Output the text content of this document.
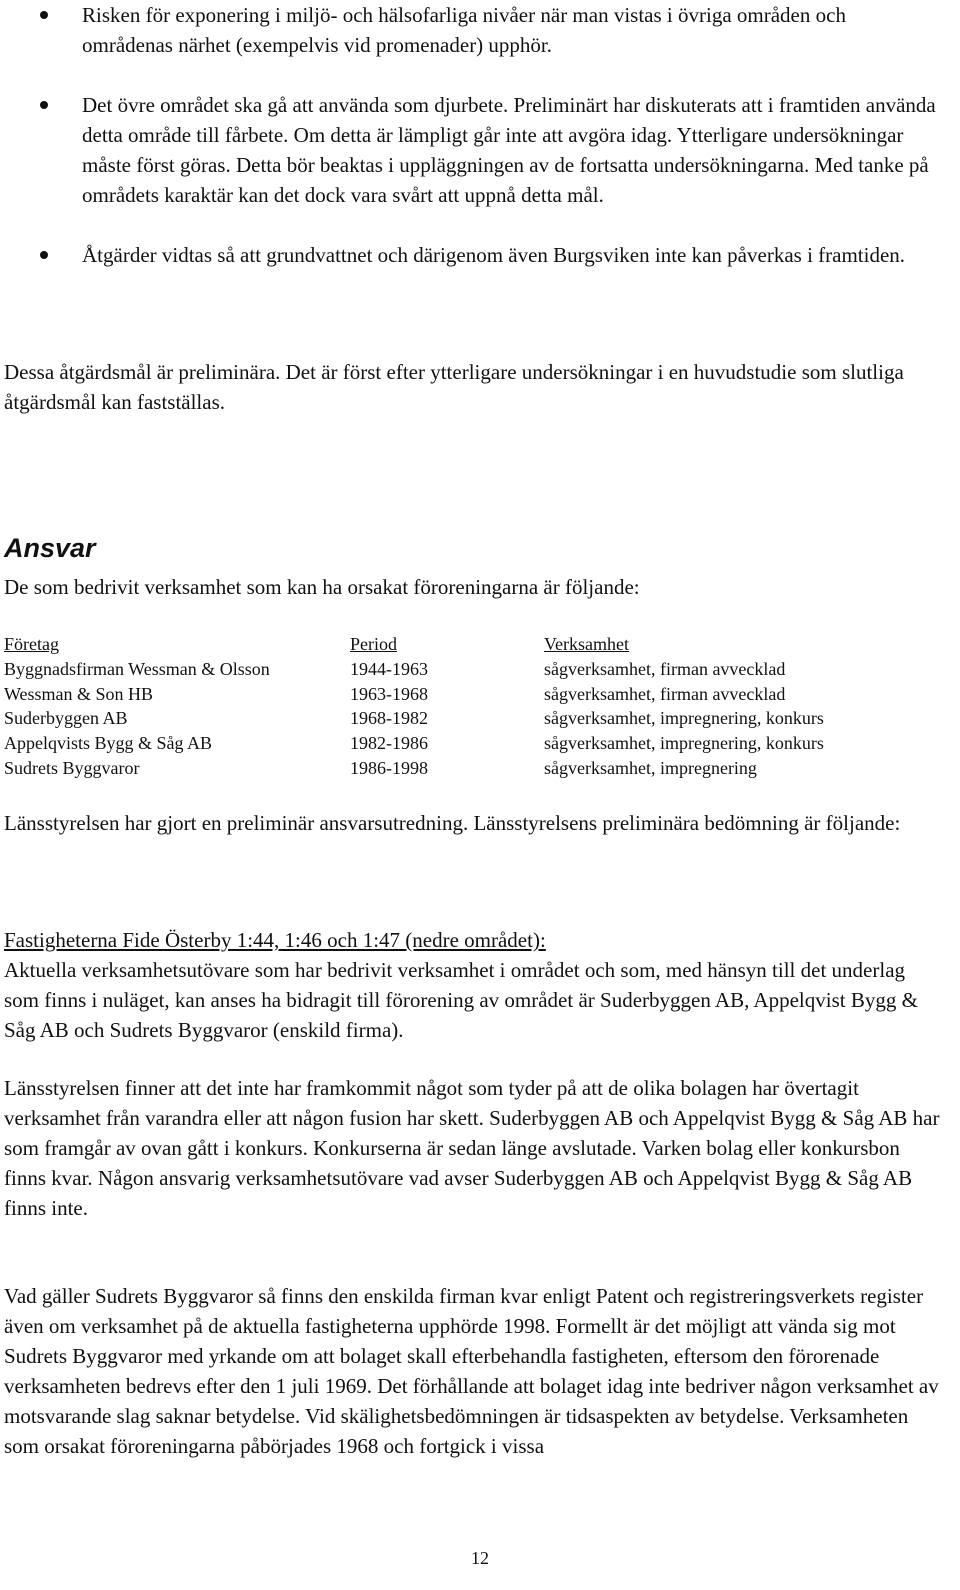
Risken för exponering i miljö- och hälsofarliga nivåer när man vistas i övriga områden och områdenas närhet (exempelvis vid promenader) upphör.
Det övre området ska gå att använda som djurbete. Preliminärt har diskuterats att i framtiden använda detta område till fårbete. Om detta är lämpligt går inte att avgöra idag. Ytterligare undersökningar måste först göras. Detta bör beaktas i uppläggningen av de fortsatta undersökningarna. Med tanke på områdets karaktär kan det dock vara svårt att uppnå detta mål.
Åtgärder vidtas så att grundvattnet och därigenom även Burgsviken inte kan påverkas i framtiden.

Dessa åtgärdsmål är preliminära. Det är först efter ytterligare undersökningar i en huvudstudie som slutliga åtgärdsmål kan fastställas.

Ansvar

De som bedrivit verksamhet som kan ha orsakat föroreningarna är följande:

Företag	Period	Verksamhet
Byggnadsfirman Wessman & Olsson	1944-1963	sågverksamhet, firman avvecklad
Wessman & Son HB	1963-1968	sågverksamhet, firman avvecklad
Suderbyggen AB	1968-1982	sågverksamhet, impregnering, konkurs
Appelqvists Bygg & Såg AB	1982-1986	sågverksamhet, impregnering, konkurs
Sudrets Byggvaror	1986-1998	sågverksamhet, impregnering

Länsstyrelsen har gjort en preliminär ansvarsutredning. Länsstyrelsens preliminära bedömning är följande:

Fastigheterna Fide Österby 1:44, 1:46 och 1:47 (nedre området):
Aktuella verksamhetsutövare som har bedrivit verksamhet i området och som, med hänsyn till det underlag som finns i nuläget, kan anses ha bidragit till förorening av området är Suderbyggen AB, Appelqvist Bygg & Såg AB och Sudrets Byggvaror (enskild firma).

Länsstyrelsen finner att det inte har framkommit något som tyder på att de olika bolagen har övertagit verksamhet från varandra eller att någon fusion har skett. Suderbyggen AB och Appelqvist Bygg & Såg AB har som framgår av ovan gått i konkurs. Konkurserna är sedan länge avslutade. Varken bolag eller konkursbon finns kvar. Någon ansvarig verksamhetsutövare vad avser Suderbyggen AB och Appelqvist Bygg & Såg AB finns inte.

Vad gäller Sudrets Byggvaror så finns den enskilda firman kvar enligt Patent och registreringsverkets register även om verksamhet på de aktuella fastigheterna upphörde 1998. Formellt är det möjligt att vända sig mot Sudrets Byggvaror med yrkande om att bolaget skall efterbehandla fastigheten, eftersom den förorenade verksamheten bedrevs efter den 1 juli 1969. Det förhållande att bolaget idag inte bedriver någon verksamhet av motsvarande slag saknar betydelse. Vid skälighetsbedömningen är tidsaspekten av betydelse. Verksamheten som orsakat föroreningarna påbörjades 1968 och fortgick i vissa

12
